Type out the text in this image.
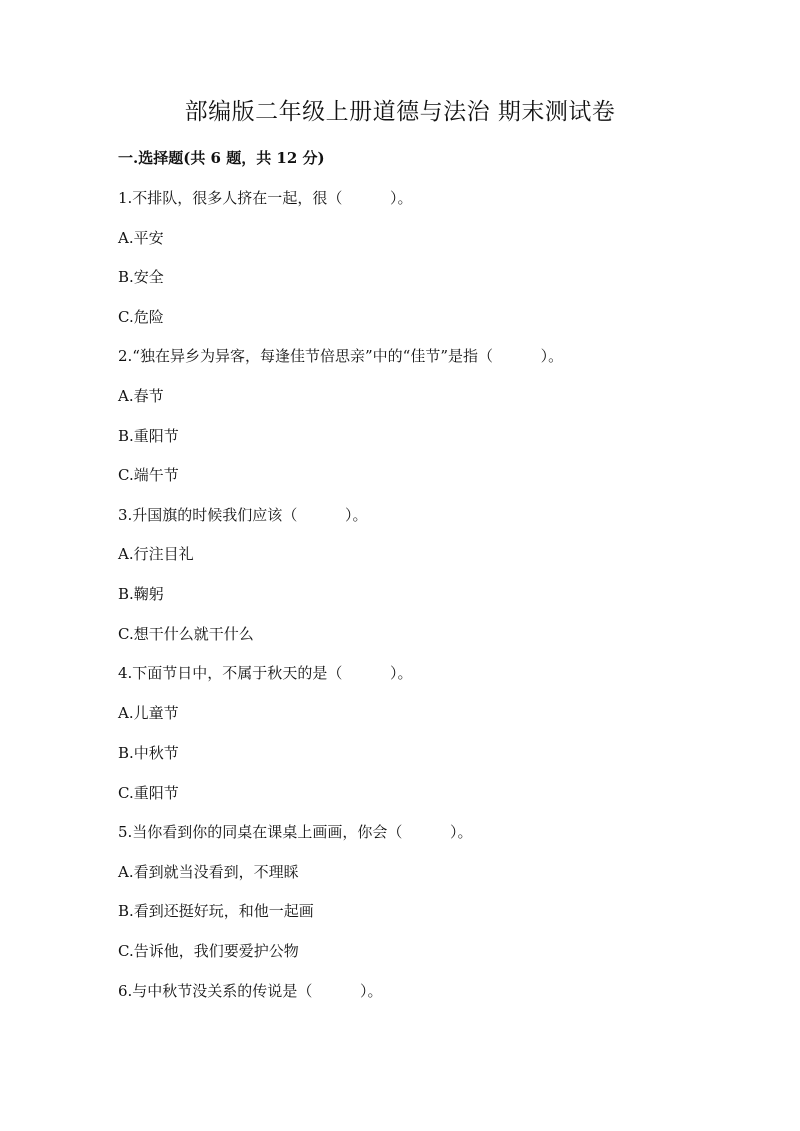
部编版二年级上册道德与法治 期末测试卷

一.选择题(共 6 题，共 12 分)

1.不排队，很多人挤在一起，很（          ）。

A.平安

B.安全

C.危险

2.“独在异乡为异客，每逢佳节倍思亲”中的“佳节”是指（          ）。

A.春节

B.重阳节

C.端午节

3.升国旗的时候我们应该（          ）。

A.行注目礼

B.鞠躬

C.想干什么就干什么

4.下面节日中，不属于秋天的是（          ）。

A.儿童节

B.中秋节

C.重阳节

5.当你看到你的同桌在课桌上画画，你会（          ）。

A.看到就当没看到，不理睬

B.看到还挺好玩，和他一起画

C.告诉他，我们要爱护公物

6.与中秋节没关系的传说是（          ）。
